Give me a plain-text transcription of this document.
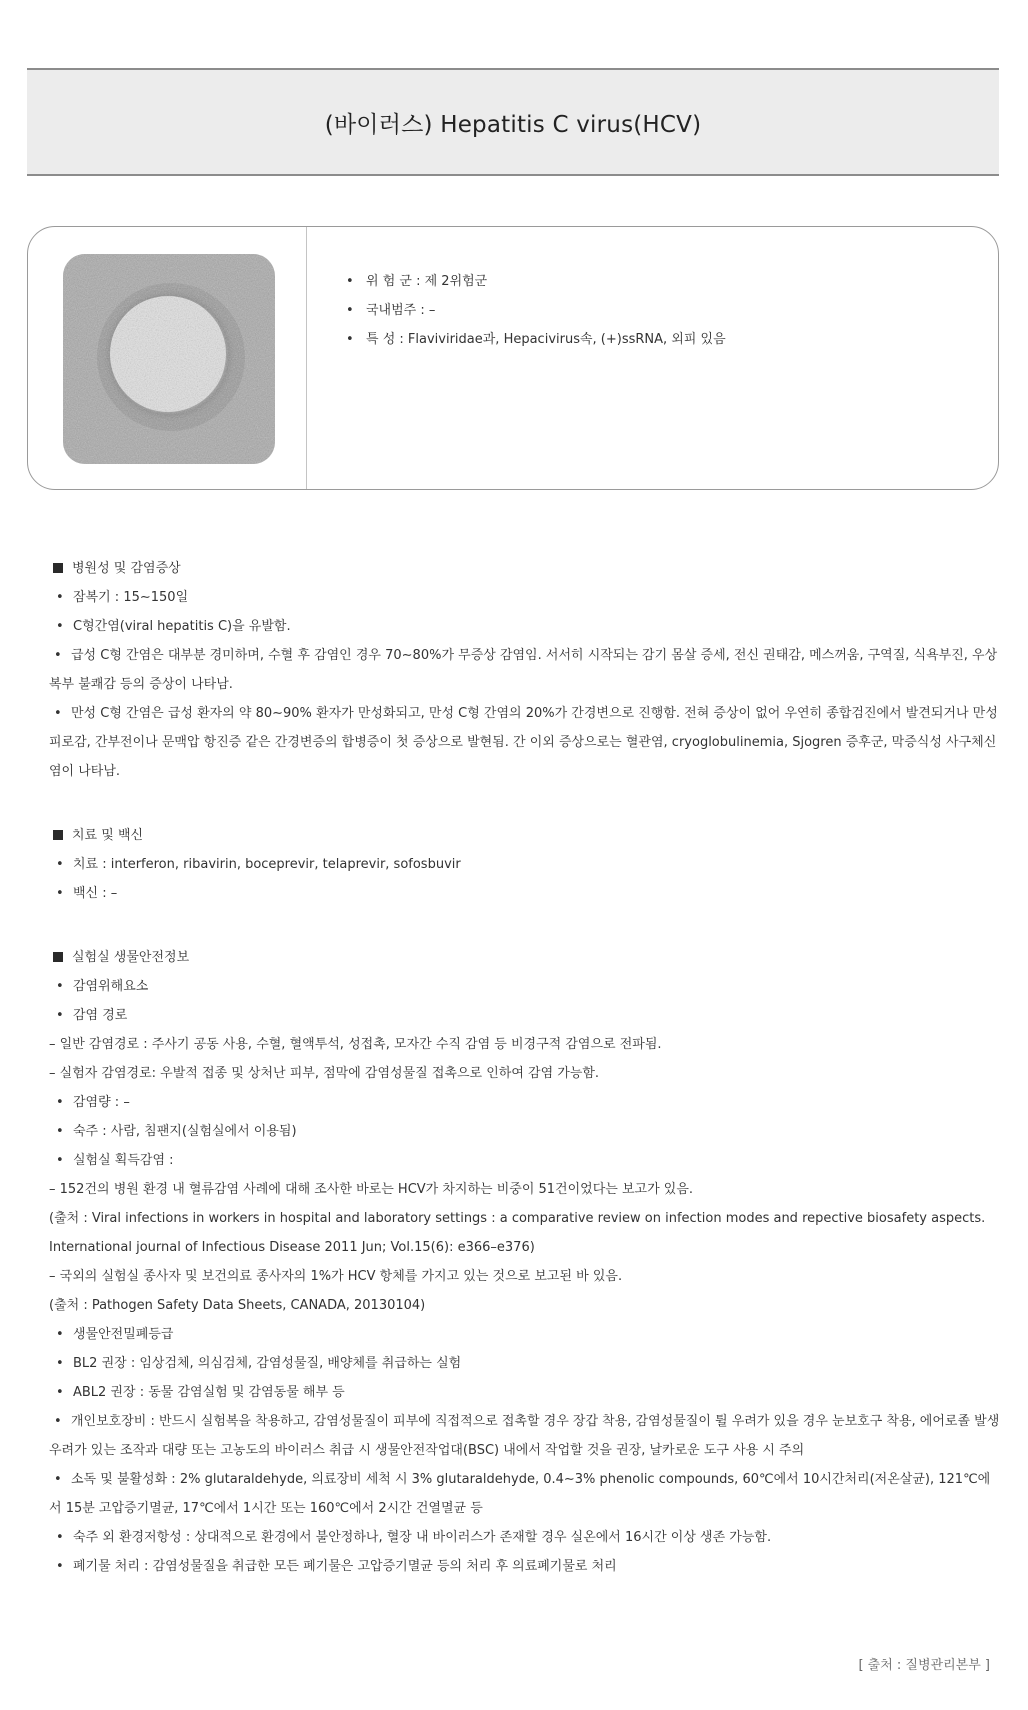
(바이러스) Hepatitis C virus(HCV)
• 위 험 군 : 제 2위험군
• 국내범주 : –
• 특 성 : Flaviviridae과, Hepacivirus속, (+)ssRNA, 외피 있음
병원성 및 감염증상
• 잠복기 : 15∼150일
• C형간염(viral hepatitis C)을 유발함.
• 급성 C형 간염은 대부분 경미하며, 수혈 후 감염인 경우 70∼80%가 무증상 감염임. 서서히 시작되는 감기 몸살 증세, 전신 권태감, 메스꺼움, 구역질, 식욕부진, 우상복부 불쾌감 등의 증상이 나타남.
• 만성 C형 간염은 급성 환자의 약 80∼90% 환자가 만성화되고, 만성 C형 간염의 20%가 간경변으로 진행함. 전혀 증상이 없어 우연히 종합검진에서 발견되거나 만성 피로감, 간부전이나 문맥압 항진증 같은 간경변증의 합병증이 첫 증상으로 발현됨. 간 이외 증상으로는 혈관염, cryoglobulinemia, Sjogren 증후군, 막증식성 사구체신염이 나타남.
치료 및 백신
• 치료 : interferon, ribavirin, boceprevir, telaprevir, sofosbuvir
• 백신 : –
실험실 생물안전정보
• 감염위해요소
• 감염 경로
– 일반 감염경로 : 주사기 공동 사용, 수혈, 혈액투석, 성접촉, 모자간 수직 감염 등 비경구적 감염으로 전파됨.
– 실험자 감염경로: 우발적 접종 및 상처난 피부, 점막에 감염성물질 접촉으로 인하여 감염 가능함.
• 감염량 : –
• 숙주 : 사람, 침팬지(실험실에서 이용됨)
• 실험실 획득감염 :
– 152건의 병원 환경 내 혈류감염 사례에 대해 조사한 바로는 HCV가 차지하는 비중이 51건이었다는 보고가 있음.
(출처 : Viral infections in workers in hospital and laboratory settings : a comparative review on infection modes and repective biosafety aspects.
International journal of Infectious Disease 2011 Jun; Vol.15(6): e366–e376)
– 국외의 실험실 종사자 및 보건의료 종사자의 1%가 HCV 항체를 가지고 있는 것으로 보고된 바 있음.
(출처 : Pathogen Safety Data Sheets, CANADA, 20130104)
• 생물안전밀폐등급
• BL2 권장 : 임상검체, 의심검체, 감염성물질, 배양체를 취급하는 실험
• ABL2 권장 : 동물 감염실험 및 감염동물 해부 등
• 개인보호장비 : 반드시 실험복을 착용하고, 감염성물질이 피부에 직접적으로 접촉할 경우 장갑 착용, 감염성물질이 튈 우려가 있을 경우 눈보호구 착용, 에어로졸 발생우려가 있는 조작과 대량 또는 고농도의 바이러스 취급 시 생물안전작업대(BSC) 내에서 작업할 것을 권장, 날카로운 도구 사용 시 주의
• 소독 및 불활성화 : 2% glutaraldehyde, 의료장비 세척 시 3% glutaraldehyde, 0.4∼3% phenolic compounds, 60℃에서 10시간처리(저온살균), 121℃에서 15분 고압증기멸균, 17℃에서 1시간 또는 160℃에서 2시간 건열멸균 등
• 숙주 외 환경저항성 : 상대적으로 환경에서 불안정하나, 혈장 내 바이러스가 존재할 경우 실온에서 16시간 이상 생존 가능함.
• 폐기물 처리 : 감염성물질을 취급한 모든 폐기물은 고압증기멸균 등의 처리 후 의료폐기물로 처리
[ 출처 : 질병관리본부 ]
